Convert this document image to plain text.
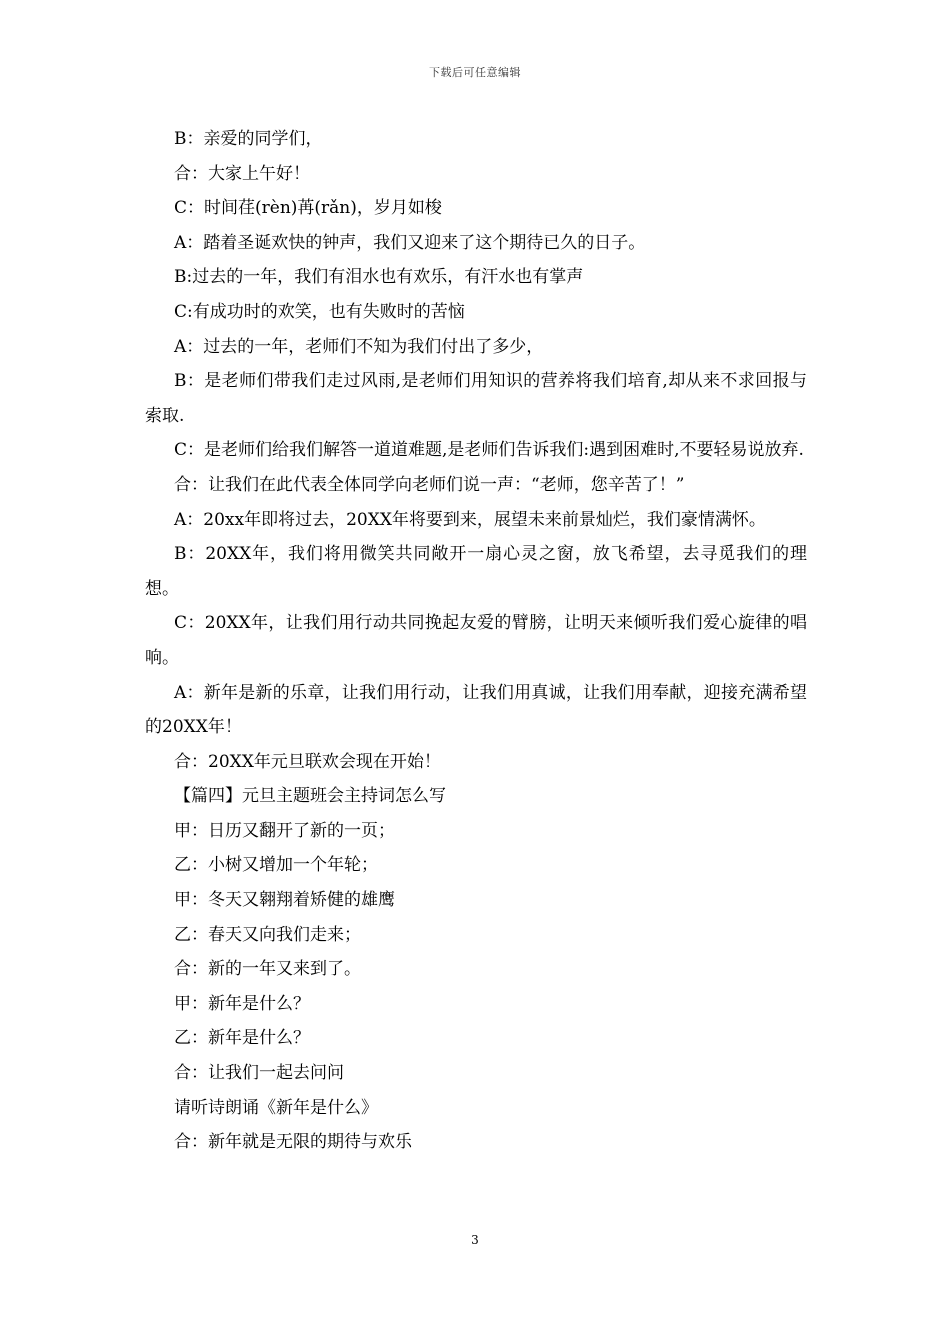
下载后可任意编辑

B：亲爱的同学们，

合：大家上午好！

C：时间荏(rèn)苒(rǎn)，岁月如梭

A：踏着圣诞欢快的钟声，我们又迎来了这个期待已久的日子。

B:过去的一年，我们有泪水也有欢乐，有汗水也有掌声

C:有成功时的欢笑，也有失败时的苦恼

A：过去的一年，老师们不知为我们付出了多少，

B：是老师们带我们走过风雨,是老师们用知识的营养将我们培育,却从来不求回报与索取.

C：是老师们给我们解答一道道难题,是老师们告诉我们:遇到困难时,不要轻易说放弃.

合：让我们在此代表全体同学向老师们说一声：“老师，您辛苦了！”

A：20xx年即将过去，20XX年将要到来，展望未来前景灿烂，我们豪情满怀。

B：20XX年，我们将用微笑共同敞开一扇心灵之窗，放飞希望，去寻觅我们的理想。

C：20XX年，让我们用行动共同挽起友爱的臂膀，让明天来倾听我们爱心旋律的唱响。

A：新年是新的乐章，让我们用行动，让我们用真诚，让我们用奉献，迎接充满希望的20XX年！

合：20XX年元旦联欢会现在开始！

【篇四】元旦主题班会主持词怎么写

甲：日历又翻开了新的一页；

乙：小树又增加一个年轮；

甲：冬天又翱翔着矫健的雄鹰

乙：春天又向我们走来；

合：新的一年又来到了。

甲：新年是什么？

乙：新年是什么？

合：让我们一起去问问

请听诗朗诵《新年是什么》

合：新年就是无限的期待与欢乐

3
